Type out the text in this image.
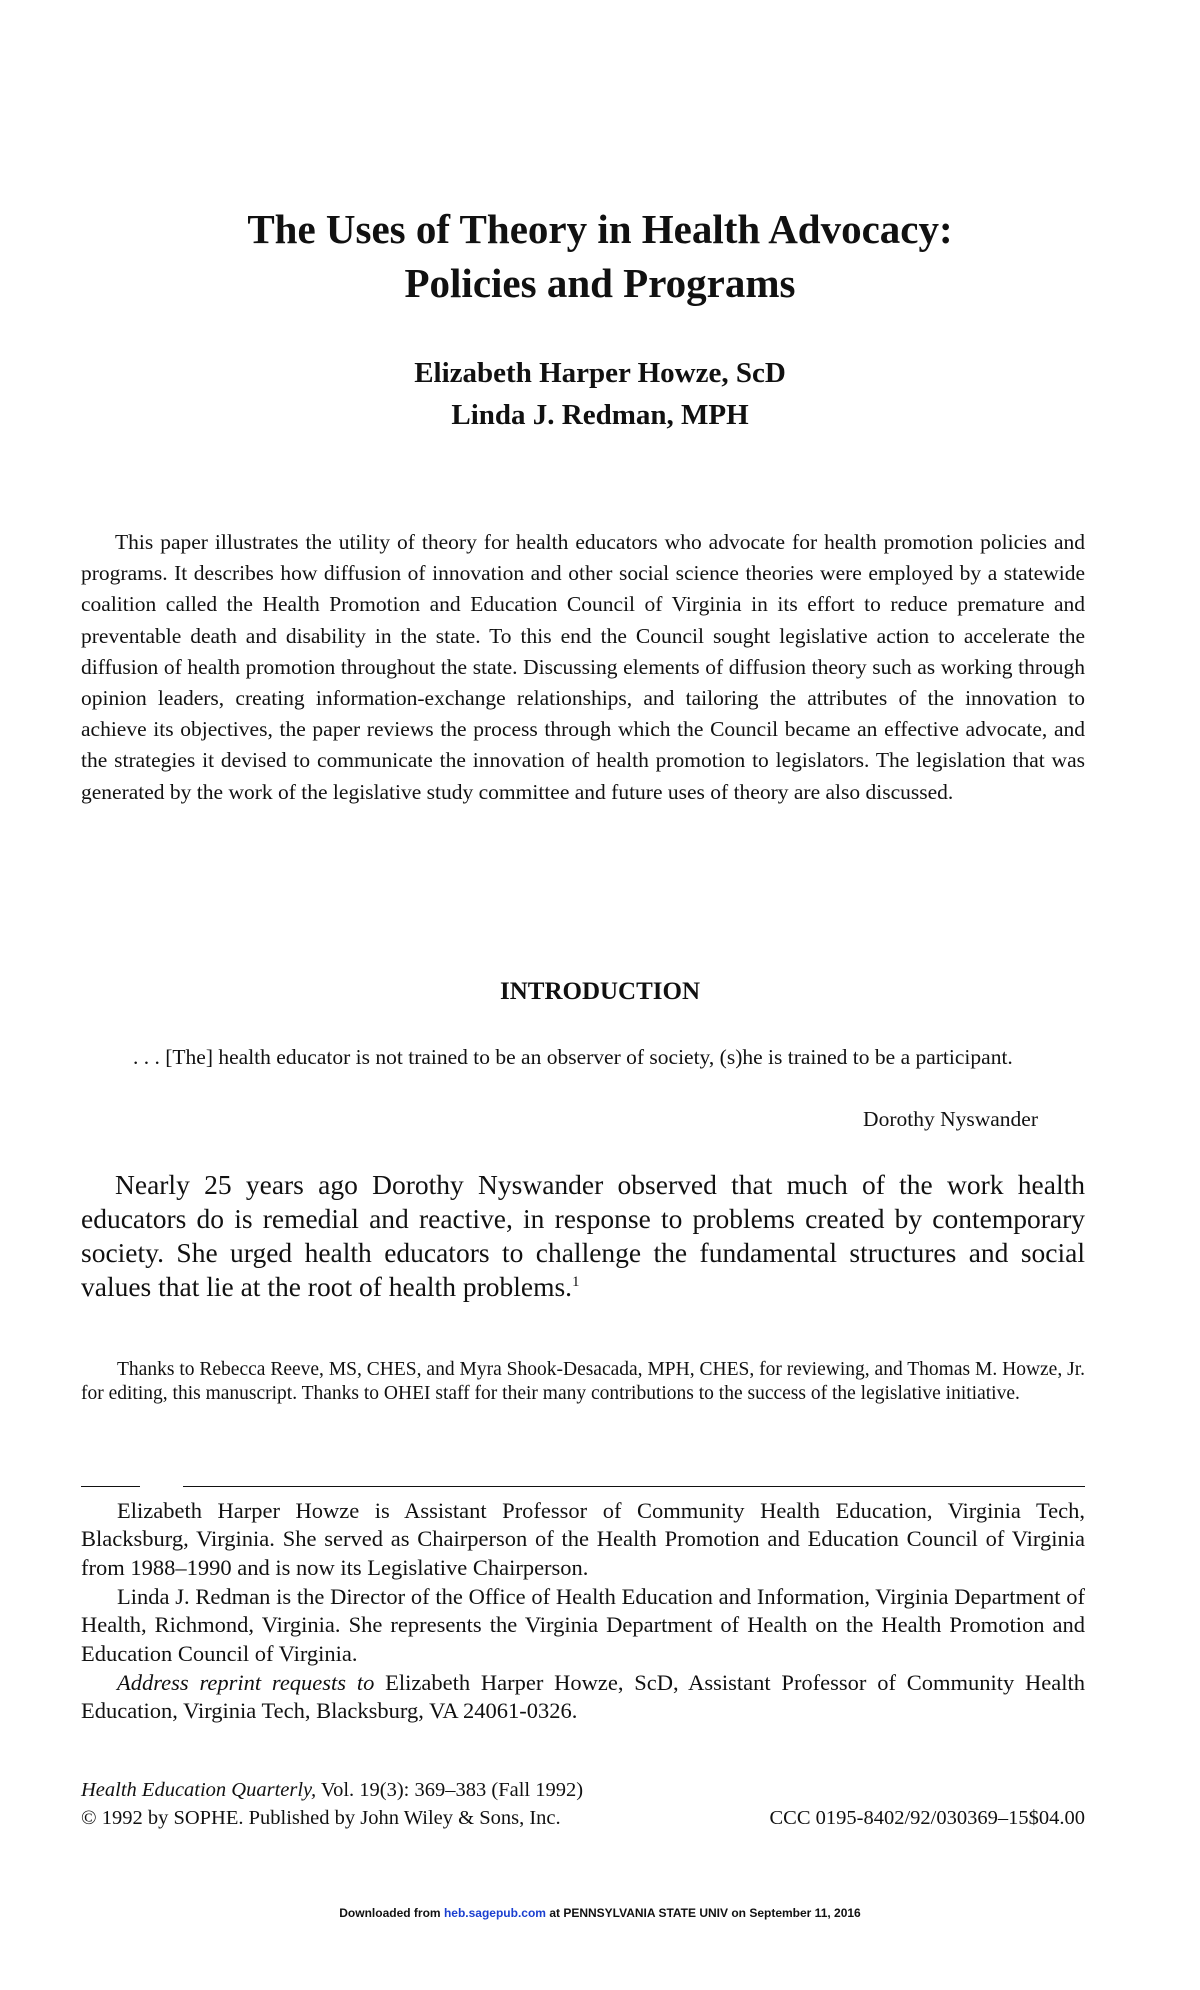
The Uses of Theory in Health Advocacy:
Policies and Programs
Elizabeth Harper Howze, ScD
Linda J. Redman, MPH

This paper illustrates the utility of theory for health educators who advocate for health promotion policies and programs. It describes how diffusion of innovation and other social science theories were employed by a statewide coalition called the Health Promotion and Education Council of Virginia in its effort to reduce premature and preventable death and disability in the state. To this end the Council sought legislative action to accelerate the diffusion of health promotion throughout the state. Discussing elements of diffusion theory such as working through opinion leaders, creating information-exchange relationships, and tailoring the attributes of the innovation to achieve its objectives, the paper reviews the process through which the Council became an effective advocate, and the strategies it devised to communicate the innovation of health promotion to legislators. The legislation that was generated by the work of the legislative study committee and future uses of theory are also discussed.

INTRODUCTION

. . . [The] health educator is not trained to be an observer of society, (s)he is trained to be a participant.

Dorothy Nyswander

Nearly 25 years ago Dorothy Nyswander observed that much of the work health educators do is remedial and reactive, in response to problems created by contemporary society. She urged health educators to challenge the fundamental structures and social values that lie at the root of health problems.$^1$

Thanks to Rebecca Reeve, MS, CHES, and Myra Shook-Desacada, MPH, CHES, for reviewing, and Thomas M. Howze, Jr. for editing, this manuscript. Thanks to OHEI staff for their many contributions to the success of the legislative initiative.

Elizabeth Harper Howze is Assistant Professor of Community Health Education, Virginia Tech, Blacksburg, Virginia. She served as Chairperson of the Health Promotion and Education Council of Virginia from 1988–1990 and is now its Legislative Chairperson.

Linda J. Redman is the Director of the Office of Health Education and Information, Virginia Department of Health, Richmond, Virginia. She represents the Virginia Department of Health on the Health Promotion and Education Council of Virginia.

Address reprint requests to Elizabeth Harper Howze, ScD, Assistant Professor of Community Health Education, Virginia Tech, Blacksburg, VA 24061-0326.

Health Education Quarterly, Vol. 19(3): 369–383 (Fall 1992)
© 1992 by SOPHE. Published by John Wiley & Sons, Inc.	CCC 0195-8402/92/030369–15$04.00
Downloaded from heb.sagepub.com at PENNSYLVANIA STATE UNIV on September 11, 2016
